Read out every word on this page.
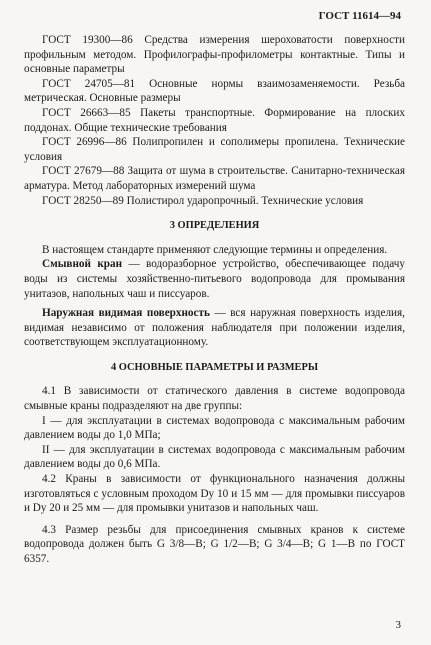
ГОСТ 11614—94

ГОСТ 19300—86 Средства измерения шероховатости поверхности профильным методом. Профилографы-профилометры контактные. Типы и основные параметры

ГОСТ 24705—81 Основные нормы взаимозаменяемости. Резьба метрическая. Основные размеры

ГОСТ 26663—85 Пакеты транспортные. Формирование на плоских поддонах. Общие технические требования

ГОСТ 26996—86 Полипропилен и сополимеры пропилена. Технические условия

ГОСТ 27679—88 Защита от шума в строительстве. Санитарно-техническая арматура. Метод лабораторных измерений шума

ГОСТ 28250—89 Полистирол ударопрочный. Технические условия

3 ОПРЕДЕЛЕНИЯ

В настоящем стандарте применяют следующие термины и определения.

Смывной кран — водоразборное устройство, обеспечивающее подачу воды из системы хозяйственно-питьевого водопровода для промывания унитазов, напольных чаш и писсуаров.

Наружная видимая поверхность — вся наружная поверхность изделия, видимая независимо от положения наблюдателя при положении изделия, соответствующем эксплуатационному.

4 ОСНОВНЫЕ ПАРАМЕТРЫ И РАЗМЕРЫ

4.1 В зависимости от статического давления в системе водопровода смывные краны подразделяют на две группы:

I — для эксплуатации в системах водопровода с максимальным рабочим давлением воды до 1,0 МПа;

II — для эксплуатации в системах водопровода с максимальным рабочим давлением воды до 0,6 МПа.

4.2 Краны в зависимости от функционального назначения должны изготовляться с условным проходом Dу 10 и 15 мм — для промывки писсуаров и Dу 20 и 25 мм — для промывки унитазов и напольных чаш.

4.3 Размер резьбы для присоединения смывных кранов к системе водопровода должен быть G 3/8—B; G 1/2—B; G 3/4—B; G 1—B по ГОСТ 6357.

3
